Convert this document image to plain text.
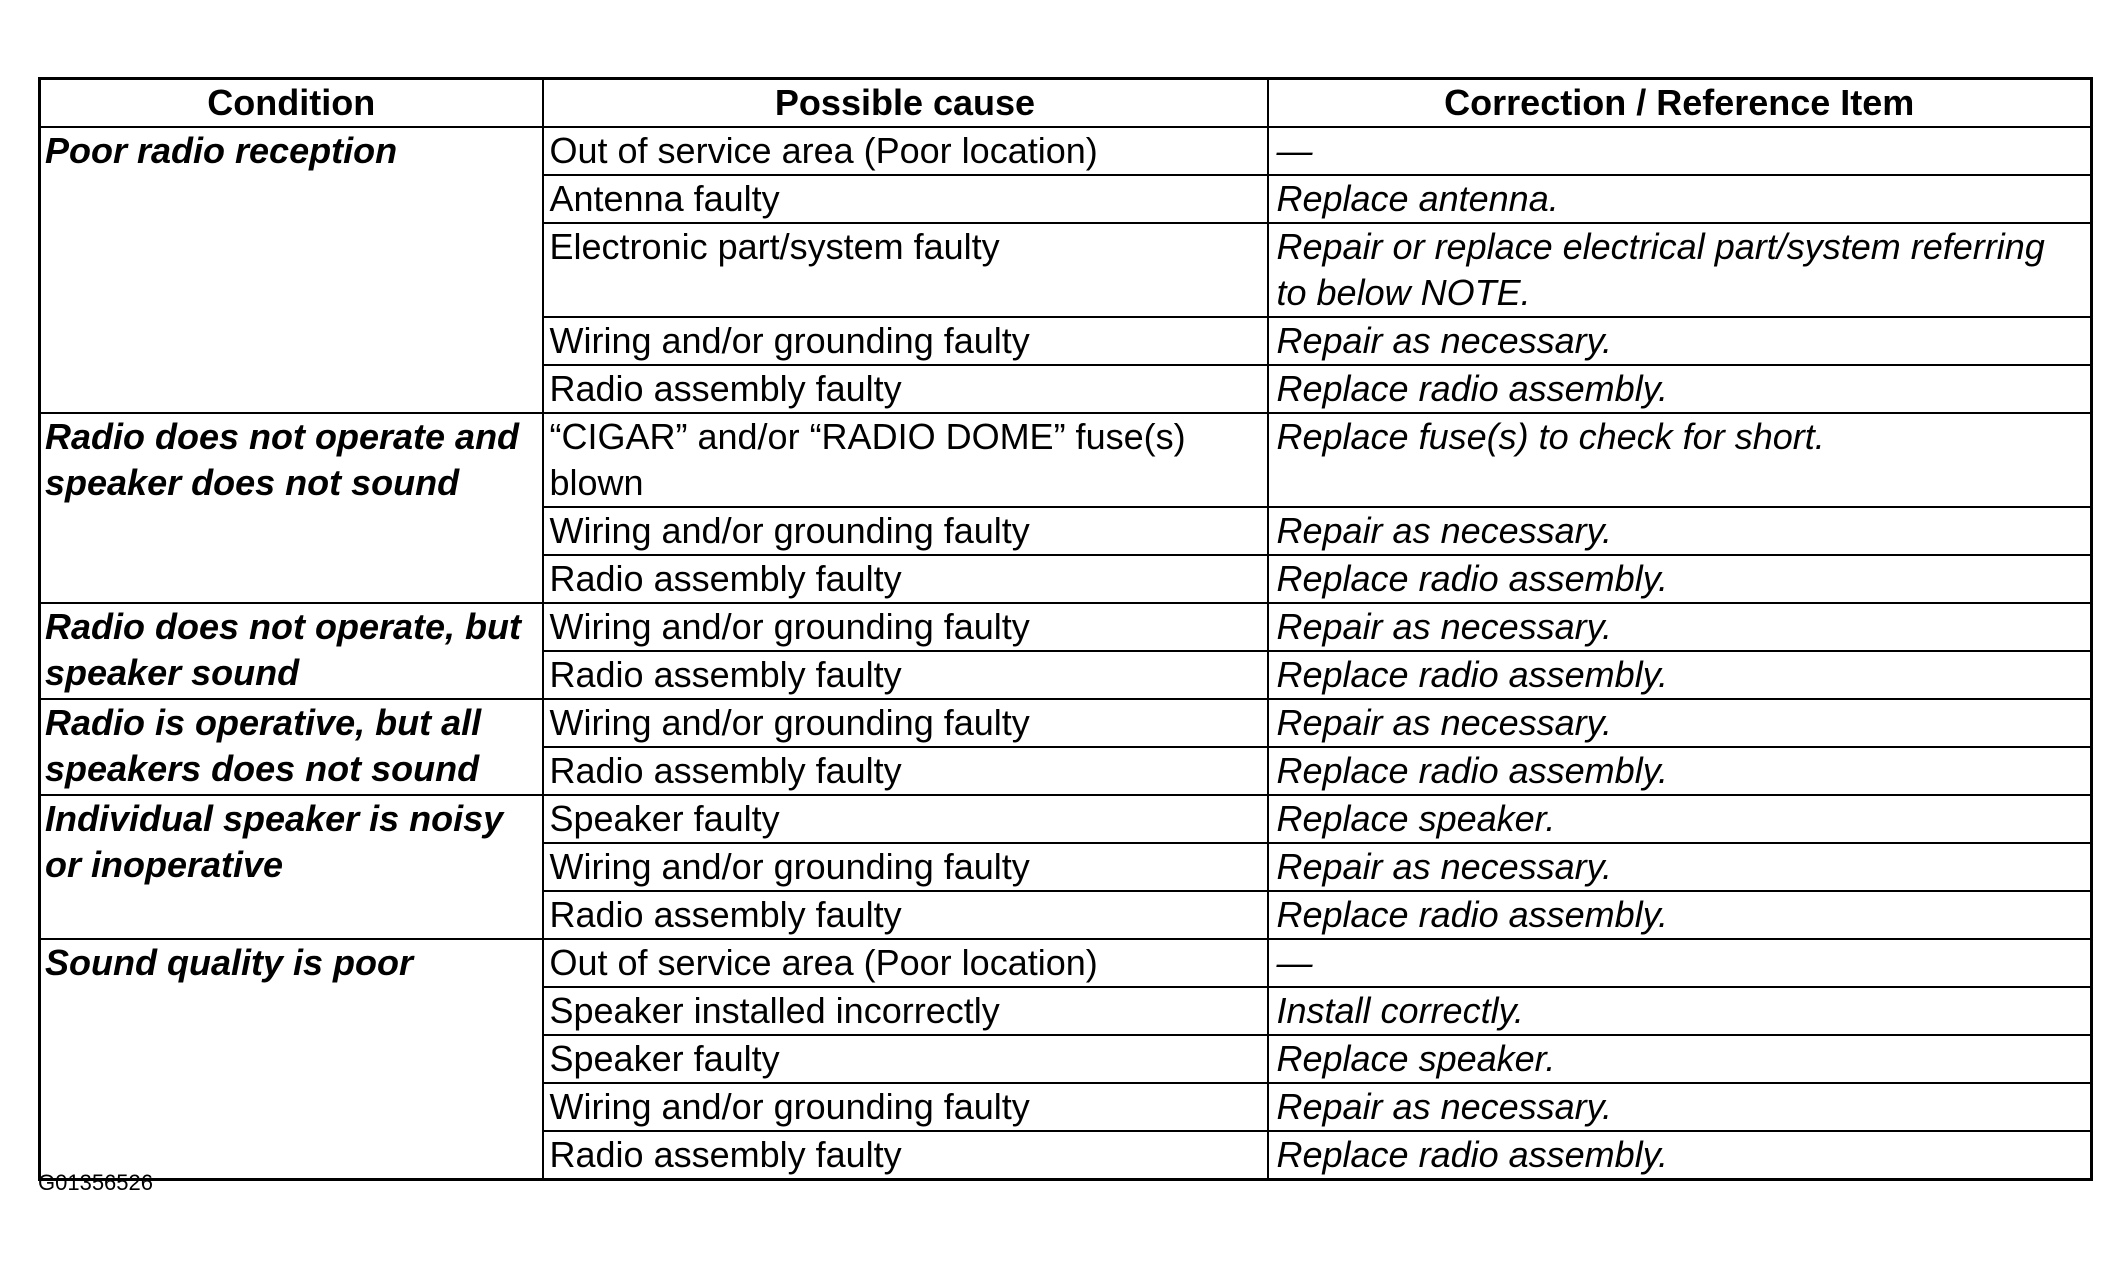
Condition	Possible cause	Correction / Reference Item
Poor radio reception	Out of service area (Poor location)	—
	Antenna faulty	Replace antenna.
	Electronic part/system faulty	Repair or replace electrical part/system referring to below NOTE.
	Wiring and/or grounding faulty	Repair as necessary.
	Radio assembly faulty	Replace radio assembly.
Radio does not operate and speaker does not sound	“CIGAR” and/or “RADIO DOME” fuse(s) blown	Replace fuse(s) to check for short.
	Wiring and/or grounding faulty	Repair as necessary.
	Radio assembly faulty	Replace radio assembly.
Radio does not operate, but speaker sound	Wiring and/or grounding faulty	Repair as necessary.
	Radio assembly faulty	Replace radio assembly.
Radio is operative, but all speakers does not sound	Wiring and/or grounding faulty	Repair as necessary.
	Radio assembly faulty	Replace radio assembly.
Individual speaker is noisy or inoperative	Speaker faulty	Replace speaker.
	Wiring and/or grounding faulty	Repair as necessary.
	Radio assembly faulty	Replace radio assembly.
Sound quality is poor	Out of service area (Poor location)	—
	Speaker installed incorrectly	Install correctly.
	Speaker faulty	Replace speaker.
	Wiring and/or grounding faulty	Repair as necessary.
	Radio assembly faulty	Replace radio assembly.
G01356526
